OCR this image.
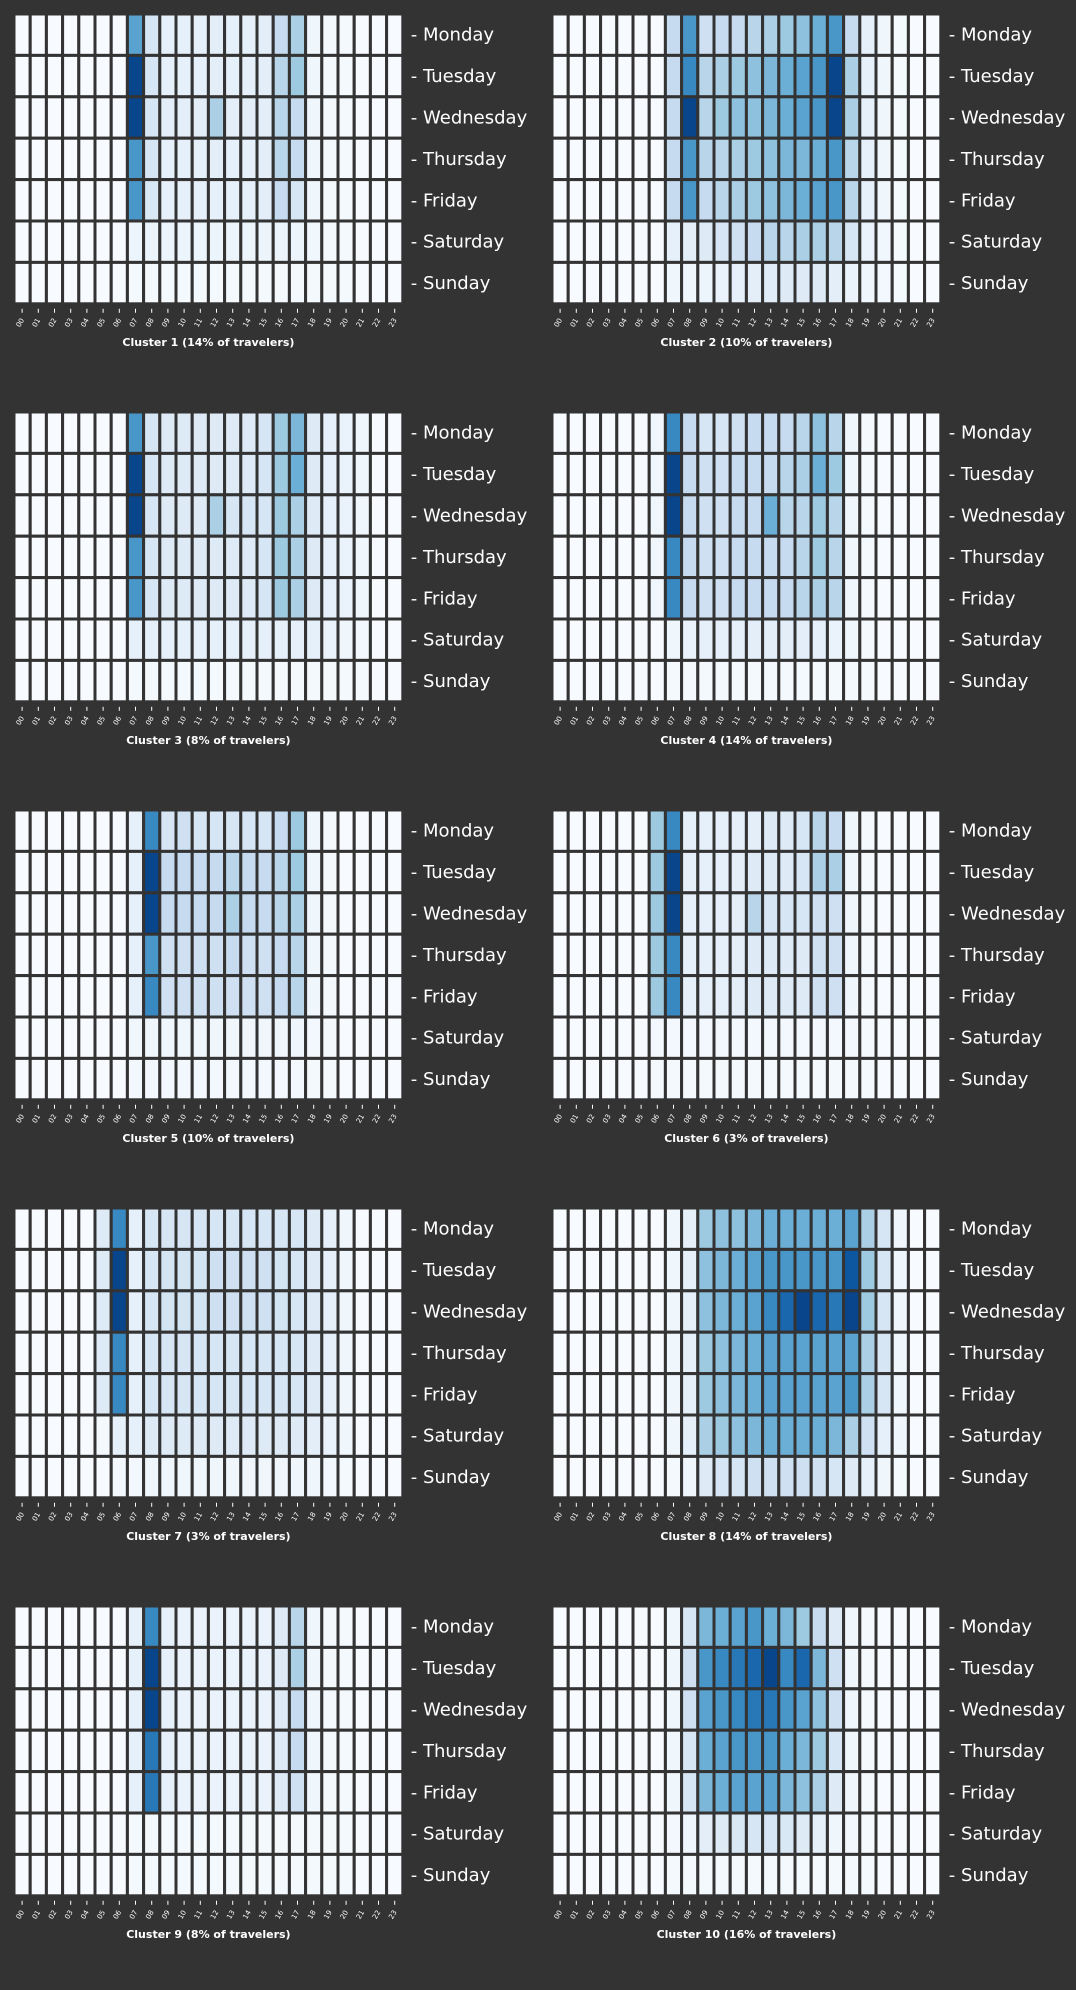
- Monday
- Tuesday
- Wednesday
- Thursday
- Friday
- Saturday
- Sunday
00 01 02 03 04 05 06 07 08 09 10 11 12 13 14 15 16 17 18 19 20 21 22 23
Cluster 1 (14% of travelers)
- Monday
- Tuesday
- Wednesday
- Thursday
- Friday
- Saturday
- Sunday
00 01 02 03 04 05 06 07 08 09 10 11 12 13 14 15 16 17 18 19 20 21 22 23
Cluster 2 (10% of travelers)
- Monday
- Tuesday
- Wednesday
- Thursday
- Friday
- Saturday
- Sunday
00 01 02 03 04 05 06 07 08 09 10 11 12 13 14 15 16 17 18 19 20 21 22 23
Cluster 3 (8% of travelers)
- Monday
- Tuesday
- Wednesday
- Thursday
- Friday
- Saturday
- Sunday
00 01 02 03 04 05 06 07 08 09 10 11 12 13 14 15 16 17 18 19 20 21 22 23
Cluster 4 (14% of travelers)
- Monday
- Tuesday
- Wednesday
- Thursday
- Friday
- Saturday
- Sunday
00 01 02 03 04 05 06 07 08 09 10 11 12 13 14 15 16 17 18 19 20 21 22 23
Cluster 5 (10% of travelers)
- Monday
- Tuesday
- Wednesday
- Thursday
- Friday
- Saturday
- Sunday
00 01 02 03 04 05 06 07 08 09 10 11 12 13 14 15 16 17 18 19 20 21 22 23
Cluster 6 (3% of travelers)
- Monday
- Tuesday
- Wednesday
- Thursday
- Friday
- Saturday
- Sunday
00 01 02 03 04 05 06 07 08 09 10 11 12 13 14 15 16 17 18 19 20 21 22 23
Cluster 7 (3% of travelers)
- Monday
- Tuesday
- Wednesday
- Thursday
- Friday
- Saturday
- Sunday
00 01 02 03 04 05 06 07 08 09 10 11 12 13 14 15 16 17 18 19 20 21 22 23
Cluster 8 (14% of travelers)
- Monday
- Tuesday
- Wednesday
- Thursday
- Friday
- Saturday
- Sunday
00 01 02 03 04 05 06 07 08 09 10 11 12 13 14 15 16 17 18 19 20 21 22 23
Cluster 9 (8% of travelers)
- Monday
- Tuesday
- Wednesday
- Thursday
- Friday
- Saturday
- Sunday
00 01 02 03 04 05 06 07 08 09 10 11 12 13 14 15 16 17 18 19 20 21 22 23
Cluster 10 (16% of travelers)
